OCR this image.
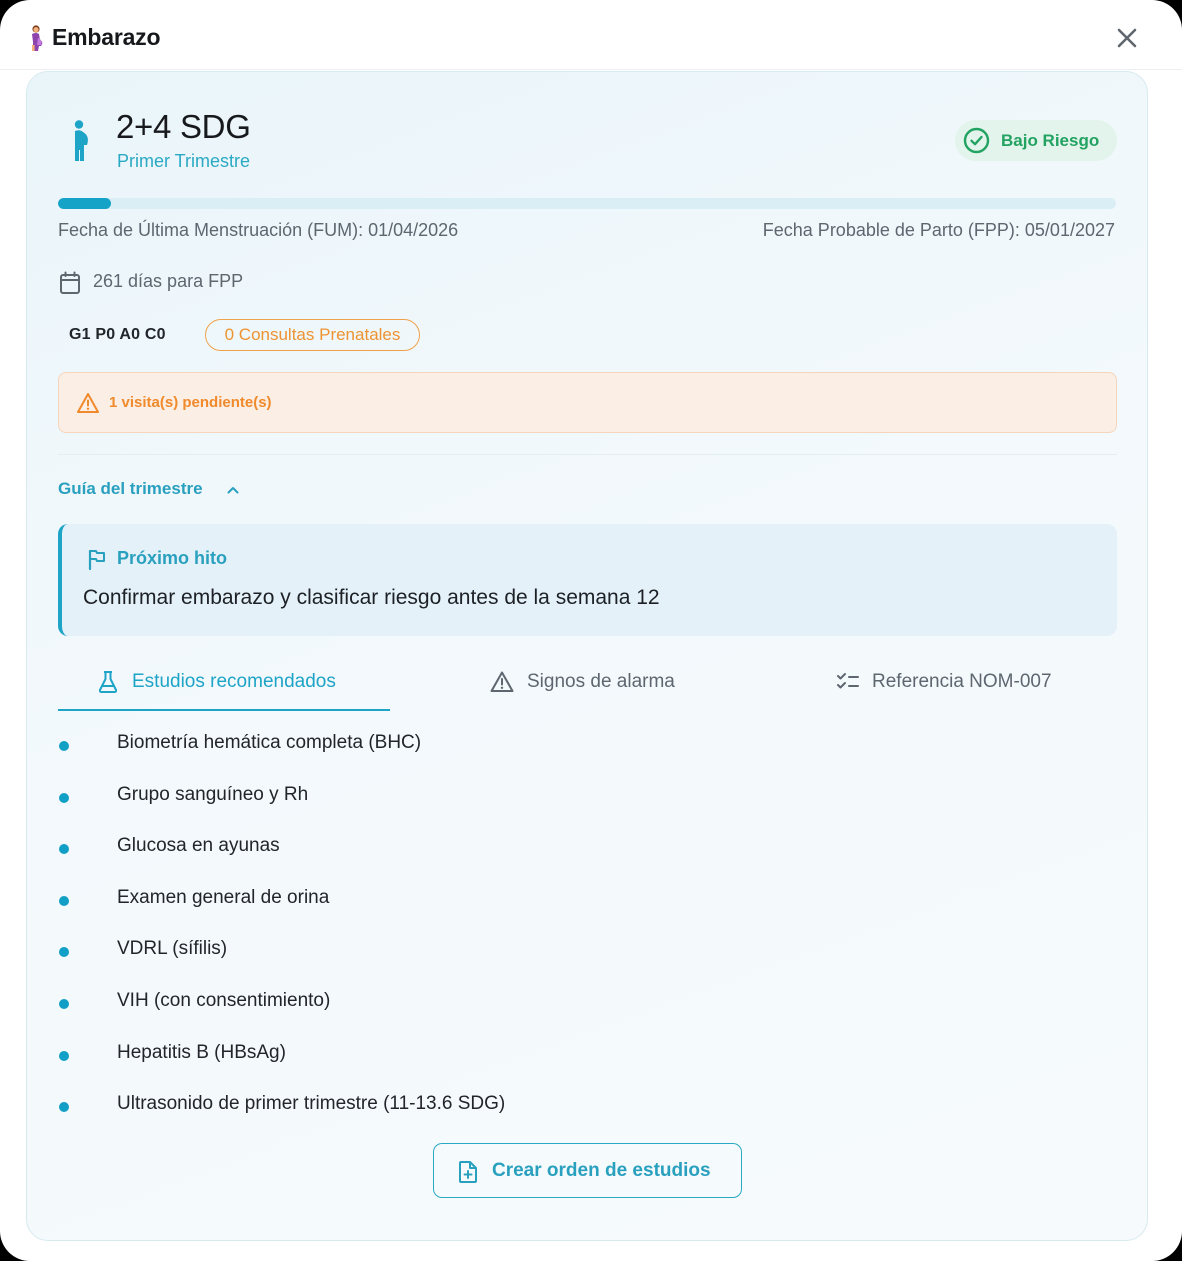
Embarazo
2+4 SDG
Primer Trimestre
Bajo Riesgo
Fecha de Última Menstruación (FUM): 01/04/2026	Fecha Probable de Parto (FPP): 05/01/2027
261 días para FPP
G1 P0 A0 C0	0 Consultas Prenatales
1 visita(s) pendiente(s)
Guía del trimestre
Próximo hito
Confirmar embarazo y clasificar riesgo antes de la semana 12
Estudios recomendados	Signos de alarma	Referencia NOM-007
Biometría hemática completa (BHC)
Grupo sanguíneo y Rh
Glucosa en ayunas
Examen general de orina
VDRL (sífilis)
VIH (con consentimiento)
Hepatitis B (HBsAg)
Ultrasonido de primer trimestre (11-13.6 SDG)
Crear orden de estudios
